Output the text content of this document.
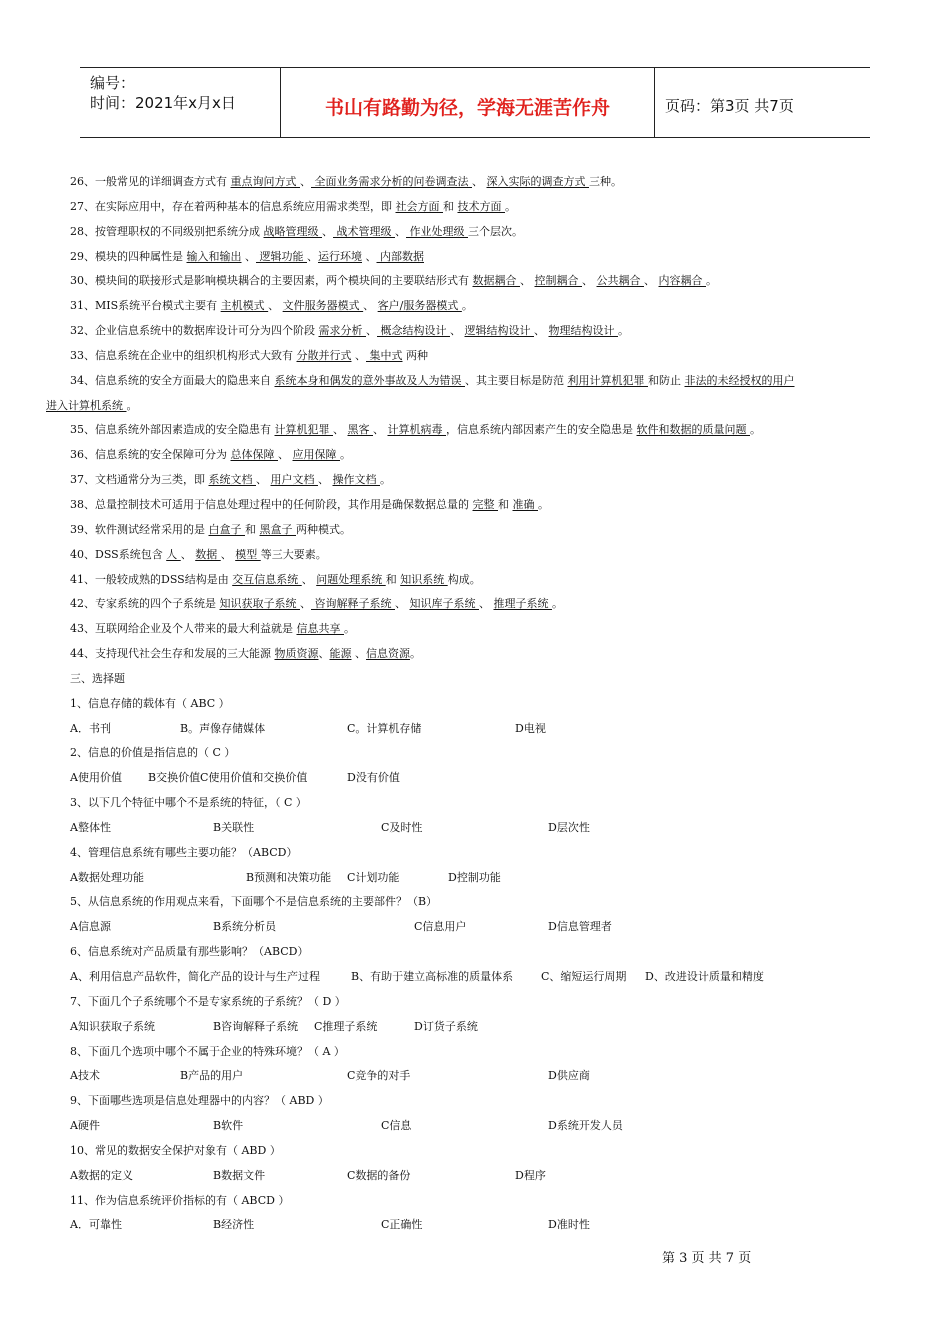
编号：
时间：2021年x月x日	书山有路勤为径，学海无涯苦作舟	页码：第3页 共7页
26、一般常见的详细调查方式有 重点询问方式 、 全面业务需求分析的问卷调查法 、 深入实际的调查方式 三种。
27、在实际应用中，存在着两种基本的信息系统应用需求类型，即 社会方面 和 技术方面 。
28、按管理职权的不同级别把系统分成 战略管理级 、 战术管理级 、 作业处理级 三个层次。
29、模块的四种属性是 输入和输出 、 逻辑功能 、运行环境 、 内部数据
30、模块间的联接形式是影响模块耦合的主要因素，两个模块间的主要联结形式有 数据耦合 、 控制耦合 、 公共耦合 、 内容耦合 。
31、MIS系统平台模式主要有 主机模式 、 文件服务器模式 、 客户/服务器模式 。
32、企业信息系统中的数据库设计可分为四个阶段 需求分析 、 概念结构设计 、 逻辑结构设计 、 物理结构设计 。
33、信息系统在企业中的组织机构形式大致有 分散并行式 、 集中式 两种
34、信息系统的安全方面最大的隐患来自 系统本身和偶发的意外事故及人为错误 、其主要目标是防范 利用计算机犯罪 和防止 非法的未经授权的用户
进入计算机系统 。
35、信息系统外部因素造成的安全隐患有 计算机犯罪 、 黑客 、 计算机病毒 ，信息系统内部因素产生的安全隐患是 软件和数据的质量问题 。
36、信息系统的安全保障可分为 总体保障 、 应用保障 。
37、文档通常分为三类，即 系统文档 、 用户文档 、 操作文档 。
38、总量控制技术可适用于信息处理过程中的任何阶段，其作用是确保数据总量的 完整 和 准确 。
39、软件测试经常采用的是 白盒子 和 黑盒子 两种模式。
40、DSS系统包含 人 、 数据 、 模型 等三大要素。
41、一般较成熟的DSS结构是由 交互信息系统 、 问题处理系统 和 知识系统 构成。
42、专家系统的四个子系统是 知识获取子系统 、 咨询解释子系统 、 知识库子系统 、 推理子系统 。
43、互联网给企业及个人带来的最大利益就是 信息共享 。
44、支持现代社会生存和发展的三大能源 物质资源、能源 、信息资源。
三、选择题
1、信息存储的载体有（ ABC ）
A．书刊	B。声像存储媒体	C。计算机存储	D电视
2、信息的价值是指信息的（ C ）
A使用价值 B交换价值 C使用价值和交换价值	D没有价值
3、以下几个特征中哪个不是系统的特征，（ C ）
A整体性	B关联性	C及时性	D层次性
4、管理信息系统有哪些主要功能？（ABCD）
A数据处理功能	B预测和决策功能 C计划功能	D控制功能
5、从信息系统的作用观点来看，下面哪个不是信息系统的主要部件？（B）
A信息源	B系统分析员	C信息用户	D信息管理者
6、信息系统对产品质量有那些影响？（ABCD）
A、利用信息产品软件，简化产品的设计与生产过程	B、有助于建立高标准的质量体系	C、缩短运行周期 D、改进设计质量和精度
7、下面几个子系统哪个不是专家系统的子系统？（ D ）
A知识获取子系统	B咨询解释子系统 C推理子系统	D订货子系统
8、下面几个选项中哪个不属于企业的特殊环境？（ A ）
A技术	B产品的用户	C竞争的对手	D供应商
9、下面哪些选项是信息处理器中的内容？（ ABD ）
A硬件	B软件	C信息	D系统开发人员
10、常见的数据安全保护对象有（ ABD ）
A数据的定义	B数据文件	C数据的备份	D程序
11、作为信息系统评价指标的有（ ABCD ）
A．可靠性	B经济性	C正确性	D准时性
第 3 页 共 7 页
